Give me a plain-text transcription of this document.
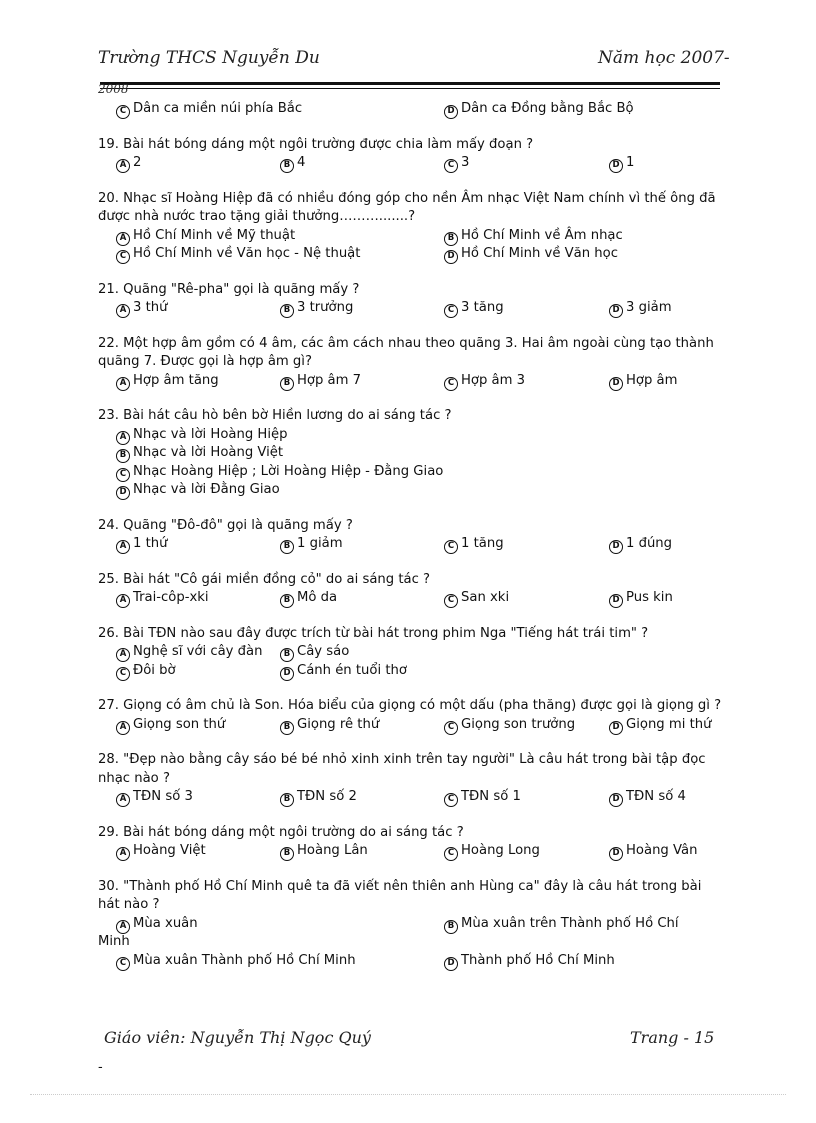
Trường THCS Nguyễn Du	Năm học 2007-
2008
C Dân ca miền núi phía Bắc	D Dân ca Đồng bằng Bắc Bộ
19. Bài hát bóng dáng một ngôi trường được chia làm mấy đoạn ?
A 2	B 4	C 3	D 1
20. Nhạc sĩ Hoàng Hiệp đã có nhiều đóng góp cho nền Âm nhạc Việt Nam chính vì thế ông đã được nhà nước trao tặng giải thưởng……….......?
A Hồ Chí Minh về Mỹ thuật	B Hồ Chí Minh về Âm nhạc
C Hồ Chí Minh về Văn học - Nệ thuật	D Hồ Chí Minh về Văn học
21. Quãng "Rê-pha" gọi là quãng mấy ?
A 3 thứ	B 3 trưởng	C 3 tăng	D 3 giảm
22. Một hợp âm gồm có 4 âm, các âm cách nhau theo quãng 3. Hai âm ngoài cùng tạo thành quãng 7. Được gọi là hợp âm gì?
A Hợp âm tăng	B Hợp âm 7	C Hợp âm 3	D Hợp âm
23. Bài hát câu hò bên bờ Hiền lương do ai sáng tác ?
A Nhạc và lời Hoàng Hiệp
B Nhạc và lời Hoàng Việt
C Nhạc Hoàng Hiệp ; Lời Hoàng Hiệp - Đằng Giao
D Nhạc và lời Đằng Giao
24. Quãng "Đô-đô" gọi là quãng mấy ?
A 1 thứ	B 1 giảm	C 1 tăng	D 1 đúng
25. Bài hát "Cô gái miền đồng cỏ" do ai sáng tác ?
A Trai-côp-xki	B Mô da	C San xki	D Pus kin
26. Bài TĐN nào sau đây được trích từ bài hát trong phim Nga "Tiếng hát trái tim" ?
A Nghệ sĩ với cây đàn	B Cây sáo
C Đôi bờ	D Cánh én tuổi thơ
27. Giọng có âm chủ là Son. Hóa biểu của giọng có một dấu (pha thăng) được gọi là giọng gì ?
A Giọng son thứ	B Giọng rê thứ	C Giọng son trưởng	D Giọng mi thứ
28. "Đẹp nào bằng cây sáo bé bé nhỏ xinh xinh trên tay người" Là câu hát trong bài tập đọc nhạc nào ?
A TĐN số 3	B TĐN số 2	C TĐN số 1	D TĐN số 4
29. Bài hát bóng dáng một ngôi trường do ai sáng tác ?
A Hoàng Việt	B Hoàng Lân	C Hoàng Long	D Hoàng Vân
30. "Thành phố Hồ Chí Minh quê ta đã viết nên thiên anh Hùng ca" đây là câu hát trong bài hát nào ?
A Mùa xuân	B Mùa xuân trên Thành phố Hồ Chí
Minh
C Mùa xuân Thành phố Hồ Chí Minh	D Thành phố Hồ Chí Minh
Giáo viên: Nguyễn Thị Ngọc Quý	Trang - 15
-
